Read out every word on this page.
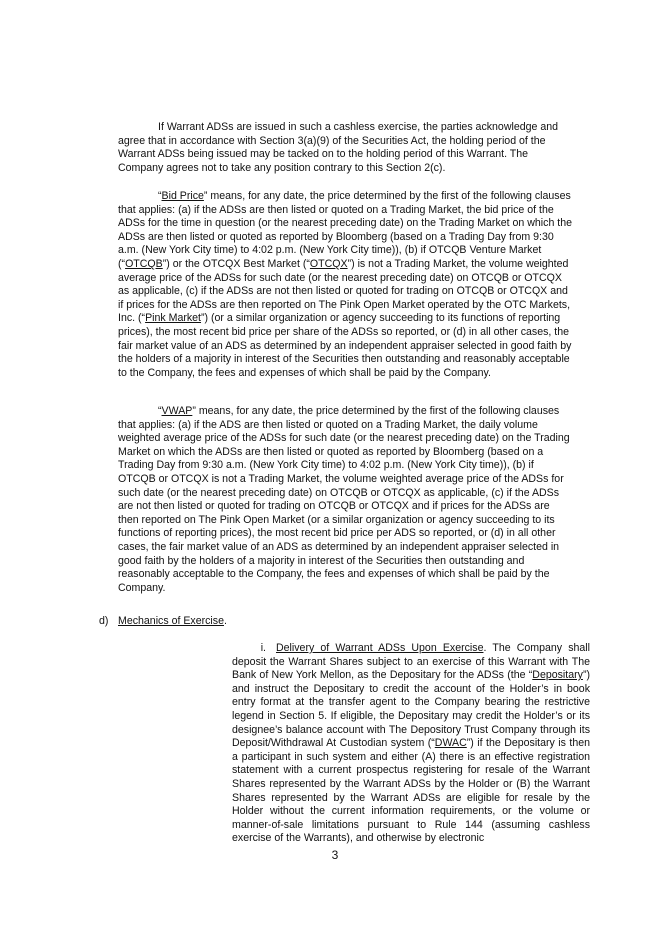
If Warrant ADSs are issued in such a cashless exercise, the parties acknowledge and agree that in accordance with Section 3(a)(9) of the Securities Act, the holding period of the Warrant ADSs being issued may be tacked on to the holding period of this Warrant. The Company agrees not to take any position contrary to this Section 2(c).

“Bid Price” means, for any date, the price determined by the first of the following clauses that applies: (a) if the ADSs are then listed or quoted on a Trading Market, the bid price of the ADSs for the time in question (or the nearest preceding date) on the Trading Market on which the ADSs are then listed or quoted as reported by Bloomberg (based on a Trading Day from 9:30 a.m. (New York City time) to 4:02 p.m. (New York City time)), (b) if OTCQB Venture Market (“OTCQB”) or the OTCQX Best Market (“OTCQX”) is not a Trading Market, the volume weighted average price of the ADSs for such date (or the nearest preceding date) on OTCQB or OTCQX as applicable, (c) if the ADSs are not then listed or quoted for trading on OTCQB or OTCQX and if prices for the ADSs are then reported on The Pink Open Market operated by the OTC Markets, Inc. (“Pink Market”) (or a similar organization or agency succeeding to its functions of reporting prices), the most recent bid price per share of the ADSs so reported, or (d) in all other cases, the fair market value of an ADS as determined by an independent appraiser selected in good faith by the holders of a majority in interest of the Securities then outstanding and reasonably acceptable to the Company, the fees and expenses of which shall be paid by the Company.

“VWAP” means, for any date, the price determined by the first of the following clauses that applies: (a) if the ADS are then listed or quoted on a Trading Market, the daily volume weighted average price of the ADSs for such date (or the nearest preceding date) on the Trading Market on which the ADSs are then listed or quoted as reported by Bloomberg (based on a Trading Day from 9:30 a.m. (New York City time) to 4:02 p.m. (New York City time)), (b) if OTCQB or OTCQX is not a Trading Market, the volume weighted average price of the ADSs for such date (or the nearest preceding date) on OTCQB or OTCQX as applicable, (c) if the ADSs are not then listed or quoted for trading on OTCQB or OTCQX and if prices for the ADSs are then reported on The Pink Open Market (or a similar organization or agency succeeding to its functions of reporting prices), the most recent bid price per ADS so reported, or (d) in all other cases, the fair market value of an ADS as determined by an independent appraiser selected in good faith by the holders of a majority in interest of the Securities then outstanding and reasonably acceptable to the Company, the fees and expenses of which shall be paid by the Company.

d) Mechanics of Exercise.

i. Delivery of Warrant ADSs Upon Exercise. The Company shall deposit the Warrant Shares subject to an exercise of this Warrant with The Bank of New York Mellon, as the Depositary for the ADSs (the “Depositary”) and instruct the Depositary to credit the account of the Holder’s in book entry format at the transfer agent to the Company bearing the restrictive legend in Section 5. If eligible, the Depositary may credit the Holder’s or its designee’s balance account with The Depository Trust Company through its Deposit/Withdrawal At Custodian system (“DWAC”) if the Depositary is then a participant in such system and either (A) there is an effective registration statement with a current prospectus registering for resale of the Warrant Shares represented by the Warrant ADSs by the Holder or (B) the Warrant Shares represented by the Warrant ADSs are eligible for resale by the Holder without the current information requirements, or the volume or manner-of-sale limitations pursuant to Rule 144 (assuming cashless exercise of the Warrants), and otherwise by electronic

3
